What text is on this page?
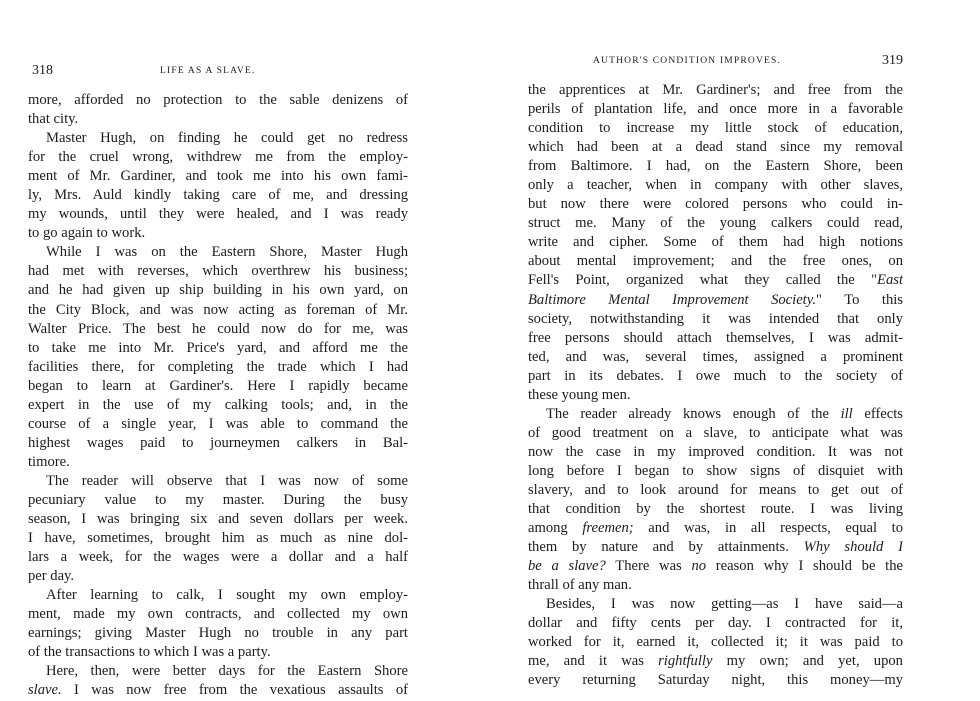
318	LIFE AS A SLAVE.
more, afforded no protection to the sable denizens of
that city.
Master Hugh, on finding he could get no redress
for the cruel wrong, withdrew me from the employ-
ment of Mr. Gardiner, and took me into his own fami-
ly, Mrs. Auld kindly taking care of me, and dressing
my wounds, until they were healed, and I was ready
to go again to work.
While I was on the Eastern Shore, Master Hugh
had met with reverses, which overthrew his business;
and he had given up ship building in his own yard, on
the City Block, and was now acting as foreman of Mr.
Walter Price. The best he could now do for me, was
to take me into Mr. Price's yard, and afford me the
facilities there, for completing the trade which I had
began to learn at Gardiner's. Here I rapidly became
expert in the use of my calking tools; and, in the
course of a single year, I was able to command the
highest wages paid to journeymen calkers in Bal-
timore.
The reader will observe that I was now of some
pecuniary value to my master. During the busy
season, I was bringing six and seven dollars per week.
I have, sometimes, brought him as much as nine dol-
lars a week, for the wages were a dollar and a half
per day.
After learning to calk, I sought my own employ-
ment, made my own contracts, and collected my own
earnings; giving Master Hugh no trouble in any part
of the transactions to which I was a party.
Here, then, were better days for the Eastern Shore
slave. I was now free from the vexatious assaults of
AUTHOR'S CONDITION IMPROVES.	319
the apprentices at Mr. Gardiner's; and free from the
perils of plantation life, and once more in a favorable
condition to increase my little stock of education,
which had been at a dead stand since my removal
from Baltimore. I had, on the Eastern Shore, been
only a teacher, when in company with other slaves,
but now there were colored persons who could in-
struct me. Many of the young calkers could read,
write and cipher. Some of them had high notions
about mental improvement; and the free ones, on
Fell's Point, organized what they called the "East
Baltimore Mental Improvement Society." To this
society, notwithstanding it was intended that only
free persons should attach themselves, I was admit-
ted, and was, several times, assigned a prominent
part in its debates. I owe much to the society of
these young men.
The reader already knows enough of the ill effects
of good treatment on a slave, to anticipate what was
now the case in my improved condition. It was not
long before I began to show signs of disquiet with
slavery, and to look around for means to get out of
that condition by the shortest route. I was living
among freemen; and was, in all respects, equal to
them by nature and by attainments. Why should I
be a slave? There was no reason why I should be the
thrall of any man.
Besides, I was now getting—as I have said—a
dollar and fifty cents per day. I contracted for it,
worked for it, earned it, collected it; it was paid to
me, and it was rightfully my own; and yet, upon
every returning Saturday night, this money—my
